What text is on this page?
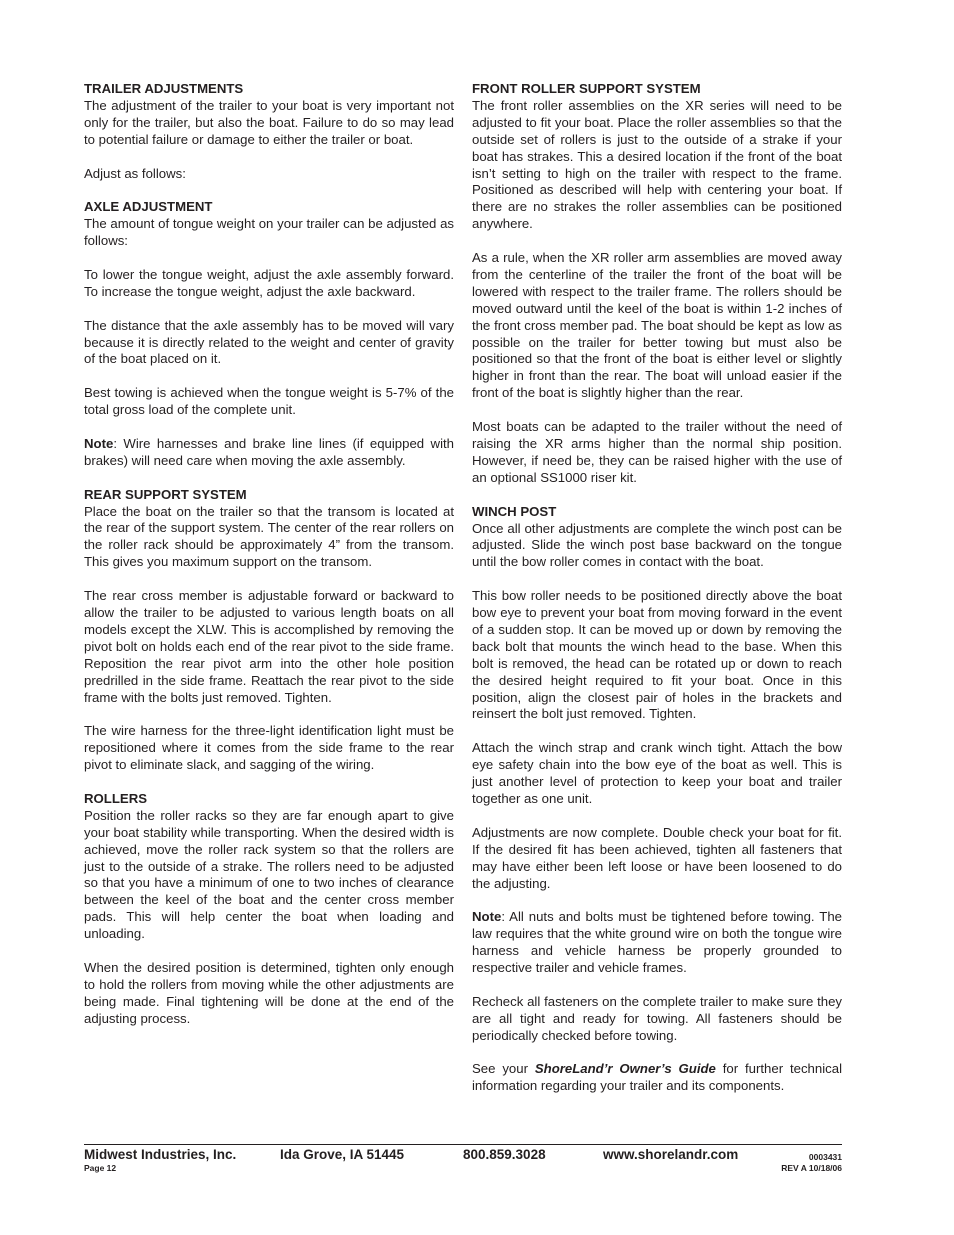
TRAILER ADJUSTMENTS

The adjustment of the trailer to your boat is very important not only for the trailer, but also the boat. Failure to do so may lead to potential failure or damage to either the trailer or boat.

Adjust as follows:

AXLE ADJUSTMENT

The amount of tongue weight on your trailer can be adjusted as follows:

To lower the tongue weight, adjust the axle assembly forward. To increase the tongue weight, adjust the axle backward.

The distance that the axle assembly has to be moved will vary because it is directly related to the weight and center of gravity of the boat placed on it.

Best towing is achieved when the tongue weight is 5-7% of the total gross load of the complete unit.

Note: Wire harnesses and brake line lines (if equipped with brakes) will need care when moving the axle assembly.

REAR SUPPORT SYSTEM

Place the boat on the trailer so that the transom is located at the rear of the support system. The center of the rear rollers on the roller rack should be approximately 4” from the transom. This gives you maximum support on the transom.

The rear cross member is adjustable forward or backward to allow the trailer to be adjusted to various length boats on all models except the XLW. This is accomplished by removing the pivot bolt on holds each end of the rear pivot to the side frame. Reposition the rear pivot arm into the other hole position predrilled in the side frame. Reattach the rear pivot to the side frame with the bolts just removed. Tighten.

The wire harness for the three-light identification light must be repositioned where it comes from the side frame to the rear pivot to eliminate slack, and sagging of the wiring.

ROLLERS

Position the roller racks so they are far enough apart to give your boat stability while transporting. When the desired width is achieved, move the roller rack system so that the rollers are just to the outside of a strake. The rollers need to be adjusted so that you have a minimum of one to two inches of clearance between the keel of the boat and the center cross member pads. This will help center the boat when loading and unloading.

When the desired position is determined, tighten only enough to hold the rollers from moving while the other adjustments are being made. Final tightening will be done at the end of the adjusting process.

FRONT ROLLER SUPPORT SYSTEM

The front roller assemblies on the XR series will need to be adjusted to fit your boat. Place the roller assemblies so that the outside set of rollers is just to the outside of a strake if your boat has strakes. This a desired location if the front of the boat isn’t setting to high on the trailer with respect to the frame. Positioned as described will help with centering your boat. If there are no strakes the roller assemblies can be positioned anywhere.

As a rule, when the XR roller arm assemblies are moved away from the centerline of the trailer the front of the boat will be lowered with respect to the trailer frame. The rollers should be moved outward until the keel of the boat is within 1-2 inches of the front cross member pad. The boat should be kept as low as possible on the trailer for better towing but must also be positioned so that the front of the boat is either level or slightly higher in front than the rear. The boat will unload easier if the front of the boat is slightly higher than the rear.

Most boats can be adapted to the trailer without the need of raising the XR arms higher than the normal ship position. However, if need be, they can be raised higher with the use of an optional SS1000 riser kit.

WINCH POST

Once all other adjustments are complete the winch post can be adjusted. Slide the winch post base backward on the tongue until the bow roller comes in contact with the boat.

This bow roller needs to be positioned directly above the boat bow eye to prevent your boat from moving forward in the event of a sudden stop. It can be moved up or down by removing the back bolt that mounts the winch head to the base. When this bolt is removed, the head can be rotated up or down to reach the desired height required to fit your boat. Once in this position, align the closest pair of holes in the brackets and reinsert the bolt just removed. Tighten.

Attach the winch strap and crank winch tight. Attach the bow eye safety chain into the bow eye of the boat as well. This is just another level of protection to keep your boat and trailer together as one unit.

Adjustments are now complete. Double check your boat for fit. If the desired fit has been achieved, tighten all fasteners that may have either been left loose or have been loosened to do the adjusting.

Note: All nuts and bolts must be tightened before towing. The law requires that the white ground wire on both the tongue wire harness and vehicle harness be properly grounded to respective trailer and vehicle frames.

Recheck all fasteners on the complete trailer to make sure they are all tight and ready for towing. All fasteners should be periodically checked before towing.

See your ShoreLand’r Owner’s Guide for further technical information regarding your trailer and its components.

Midwest Industries, Inc.	Ida Grove, IA 51445	800.859.3028	www.shorelandr.com	0003431
Page 12	REV A 10/18/06
